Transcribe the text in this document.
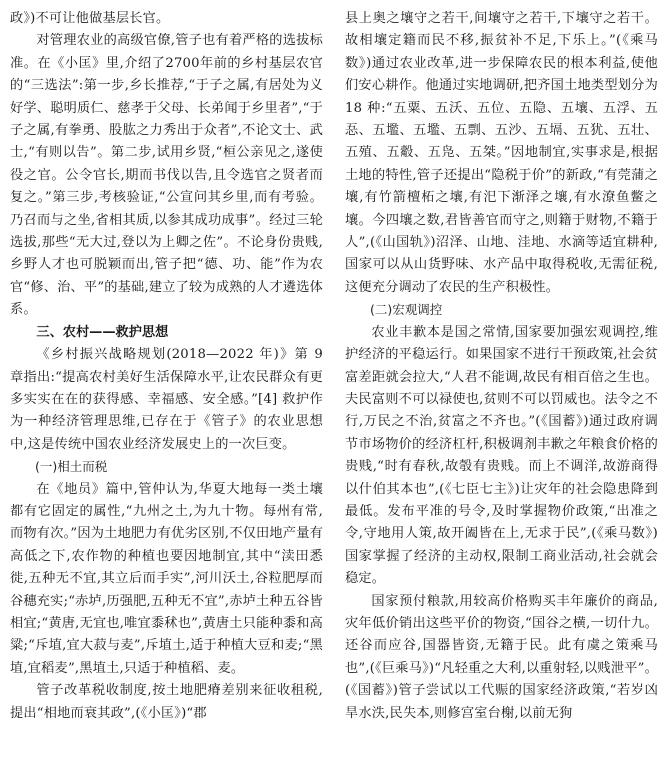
政》)不可让他做基层长官。

对管理农业的高级官僚,管子也有着严格的选拔标准。在《小匡》里,介绍了2700年前的乡村基层农官的“三选法”:第一步,乡长推荐,“于子之属,有居处为义好学、聪明质仁、慈孝于父母、长弟闻于乡里者”,“于子之属,有拳勇、股肱之力秀出于众者”,不论文士、武士,“有则以告”。第二步,试用乡贤,“桓公亲见之,遂使役之官。公令官长,期而书伐以告,且令选官之贤者而复之。”第三步,考核验证,“公宣问其乡里,而有考验。乃召而与之坐,省相其质,以参其成功成事”。经过三轮选拔,那些“无大过,登以为上卿之佐”。不论身份贵贱,乡野人才也可脱颖而出,管子把“德、功、能”作为农官“修、治、平”的基础,建立了较为成熟的人才遴选体系。

三、农村——救护思想

《乡村振兴战略规划(2018—2022 年)》第 9 章指出:“提高农村美好生活保障水平,让农民群众有更多实实在在的获得感、幸福感、安全感。”[4] 救护作为一种经济管理思维,已存在于《管子》的农业思想中,这是传统中国农业经济发展史上的一次巨变。

(一)相土而税

在《地员》篇中,管仲认为,华夏大地每一类土壤都有它固定的属性,“九州之土,为九十物。每州有常,而物有次。”因为土地肥力有优劣区别,不仅田地产量有高低之下,农作物的种植也要因地制宜,其中“渎田悉徙,五种无不宜,其立后而手实”,河川沃土,谷粒肥厚而谷穗充实;“赤垆,历强肥,五种无不宜”,赤垆土种五谷皆相宜;“黄唐,无宜也,唯宜黍秫也”,黄唐土只能种黍和高粱;“斥埴,宜大菽与麦”,斥埴土,适于种植大豆和麦;“黑埴,宜稻麦”,黑埴土,只适于种植稻、麦。

管子改革税收制度,按土地肥瘠差别来征收租税,提出“相地而衰其政”,(《小匡》)“郡

县上奥之壤守之若干,间壤守之若干,下壤守之若干。故相壤定籍而民不移,振贫补不足,下乐上。”(《乘马数》)通过农业改革,进一步保障农民的根本利益,使他们安心耕作。他通过实地调研,把齐国土地类型划分为 18 种:“五粟、五沃、五位、五隐、五壤、五浮、五忢、五壏、五壏、五剽、五沙、五塥、五犹、五壮、五殖、五觳、五凫、五桀。”因地制宜,实事求是,根据土地的特性,管子还提出“隐税于价”的新政,“有莞蒲之壤,有竹箭檀柘之壤,有汜下渐泽之壤,有水潦鱼鳖之壤。今四壤之数,君皆善官而守之,则籍于财物,不籍于人”,(《山国轨》)沼泽、山地、洼地、水滴等适宜耕种,国家可以从山货野味、水产品中取得税收,无需征税,这便充分调动了农民的生产积极性。

(二)宏观调控

农业丰歉本是国之常情,国家要加强宏观调控,维护经济的平稳运行。如果国家不进行干预政策,社会贫富差距就会拉大,“人君不能调,故民有相百倍之生也。夫民富则不可以禄使也,贫则不可以罚威也。法令之不行,万民之不治,贫富之不齐也。”(《国蓄》)通过政府调节市场物价的经济杠杆,积极调剂丰歉之年粮食价格的贵贱,“时有春秋,故彀有贵贱。而上不调洋,故游商得以什伯其本也”,(《七臣七主》)让灾年的社会隐患降到最低。发布平准的号令,及时掌握物价政策,“出准之令,守地用人策,故开阖皆在上,无求于民”,(《乘马数》)国家掌握了经济的主动权,限制工商业活动,社会就会稳定。

国家预付粮款,用较高价格购买丰年廉价的商品,灾年低价销出这些平价的物资,“国谷之横,一切什九。还谷而应谷,国器皆资,无籍于民。此有虞之策乘马也”,(《巨乘马》)“凡轻重之大利,以重射轻,以贱泄平”。(《国蓄》)管子尝试以工代赈的国家经济政策,“若岁凶旱水泆,民失本,则修宫室台榭,以前无狗
